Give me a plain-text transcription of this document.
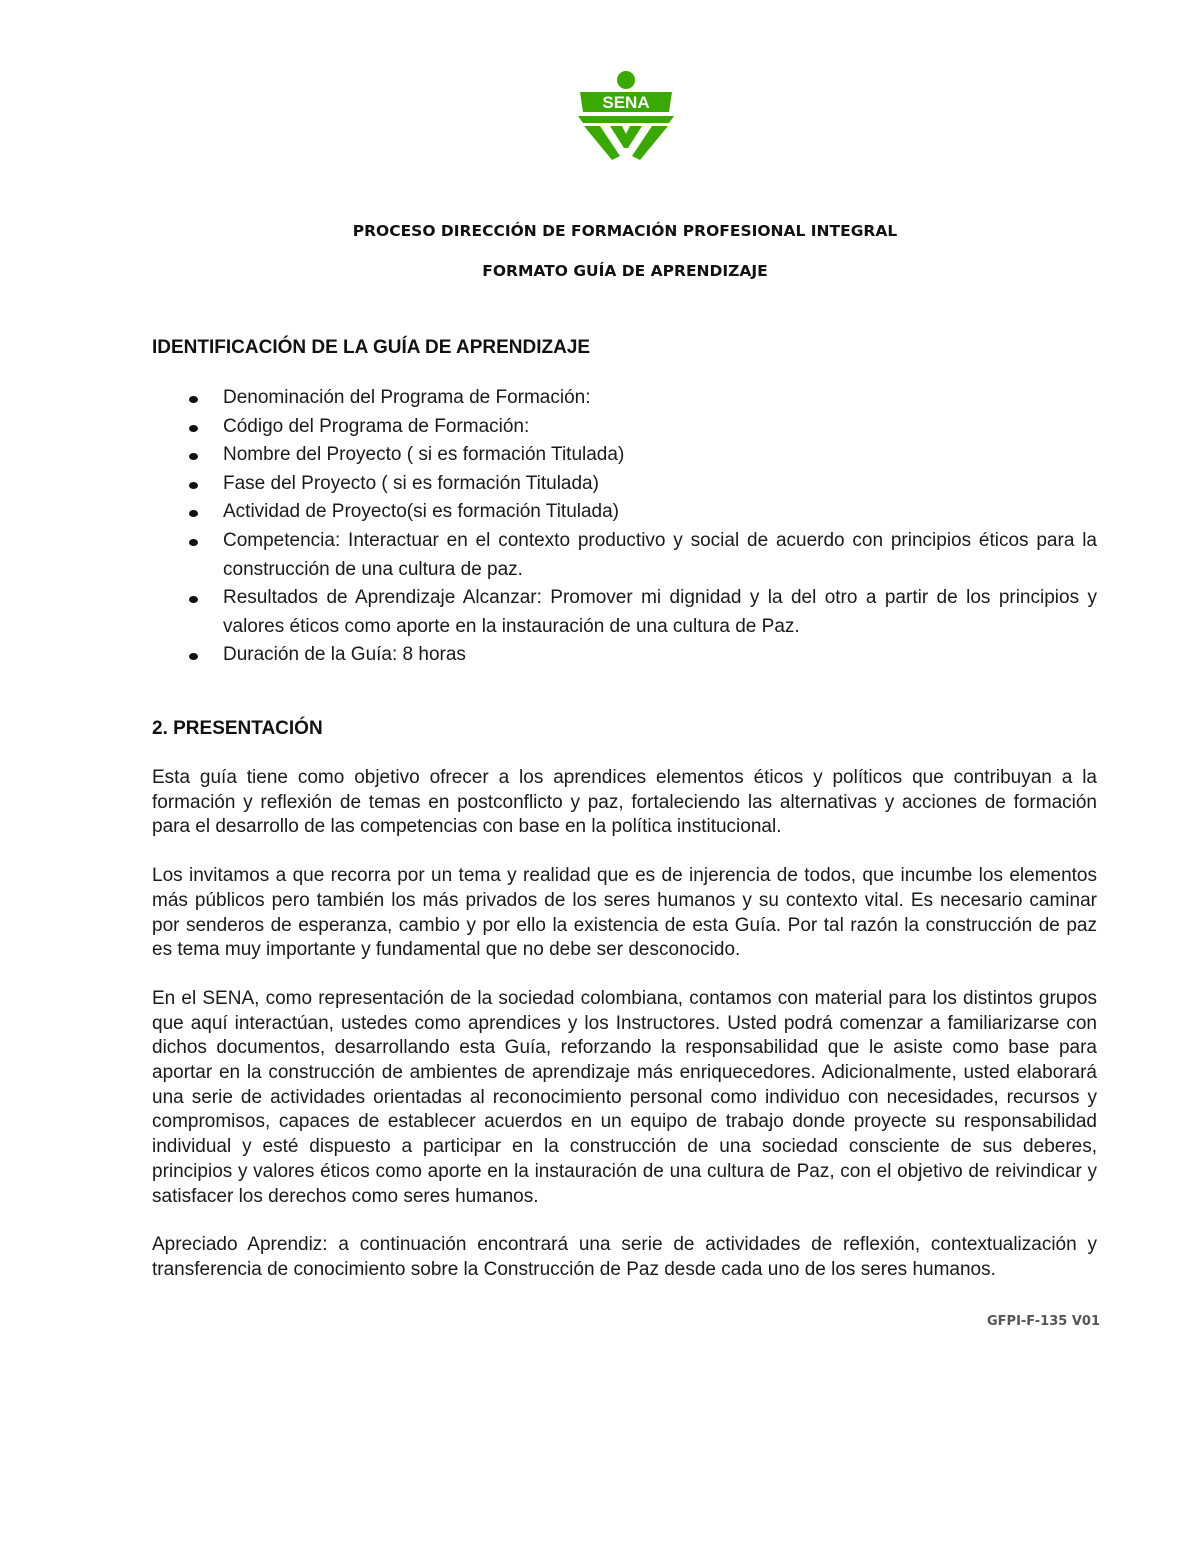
SENA
PROCESO DIRECCIÓN DE FORMACIÓN PROFESIONAL INTEGRAL
FORMATO GUÍA DE APRENDIZAJE
IDENTIFICACIÓN DE LA GUÍA DE APRENDIZAJE
Denominación del Programa de Formación:
Código del Programa de Formación:
Nombre del Proyecto ( si es formación Titulada)
Fase del Proyecto ( si es formación Titulada)
Actividad de Proyecto(si es formación Titulada)
Competencia: Interactuar en el contexto productivo y social de acuerdo con principios éticos para la construcción de una cultura de paz.
Resultados de Aprendizaje Alcanzar: Promover mi dignidad y la del otro a partir de los principios y valores éticos como aporte en la instauración de una cultura de Paz.
Duración de la Guía: 8 horas
2. PRESENTACIÓN

Esta guía tiene como objetivo ofrecer a los aprendices elementos éticos y políticos que contribuyan a la formación y reflexión de temas en postconflicto y paz, fortaleciendo las alternativas y acciones de formación para el desarrollo de las competencias con base en la política institucional.

Los invitamos a que recorra por un tema y realidad que es de injerencia de todos, que incumbe los elementos más públicos pero también los más privados de los seres humanos y su contexto vital. Es necesario caminar por senderos de esperanza, cambio y por ello la existencia de esta Guía. Por tal razón la construcción de paz es tema muy importante y fundamental que no debe ser desconocido.

En el SENA, como representación de la sociedad colombiana, contamos con material para los distintos grupos que aquí interactúan, ustedes como aprendices y los Instructores. Usted podrá comenzar a familiarizarse con dichos documentos, desarrollando esta Guía, reforzando la responsabilidad que le asiste como base para aportar en la construcción de ambientes de aprendizaje más enriquecedores. Adicionalmente, usted elaborará una serie de actividades orientadas al reconocimiento personal como individuo con necesidades, recursos y compromisos, capaces de establecer acuerdos en un equipo de trabajo donde proyecte su responsabilidad individual y esté dispuesto a participar en la construcción de una sociedad consciente de sus deberes, principios y valores éticos como aporte en la instauración de una cultura de Paz, con el objetivo de reivindicar y satisfacer los derechos como seres humanos.

Apreciado Aprendiz: a continuación encontrará una serie de actividades de reflexión, contextualización y transferencia de conocimiento sobre la Construcción de Paz desde cada uno de los seres humanos.

GFPI-F-135 V01
